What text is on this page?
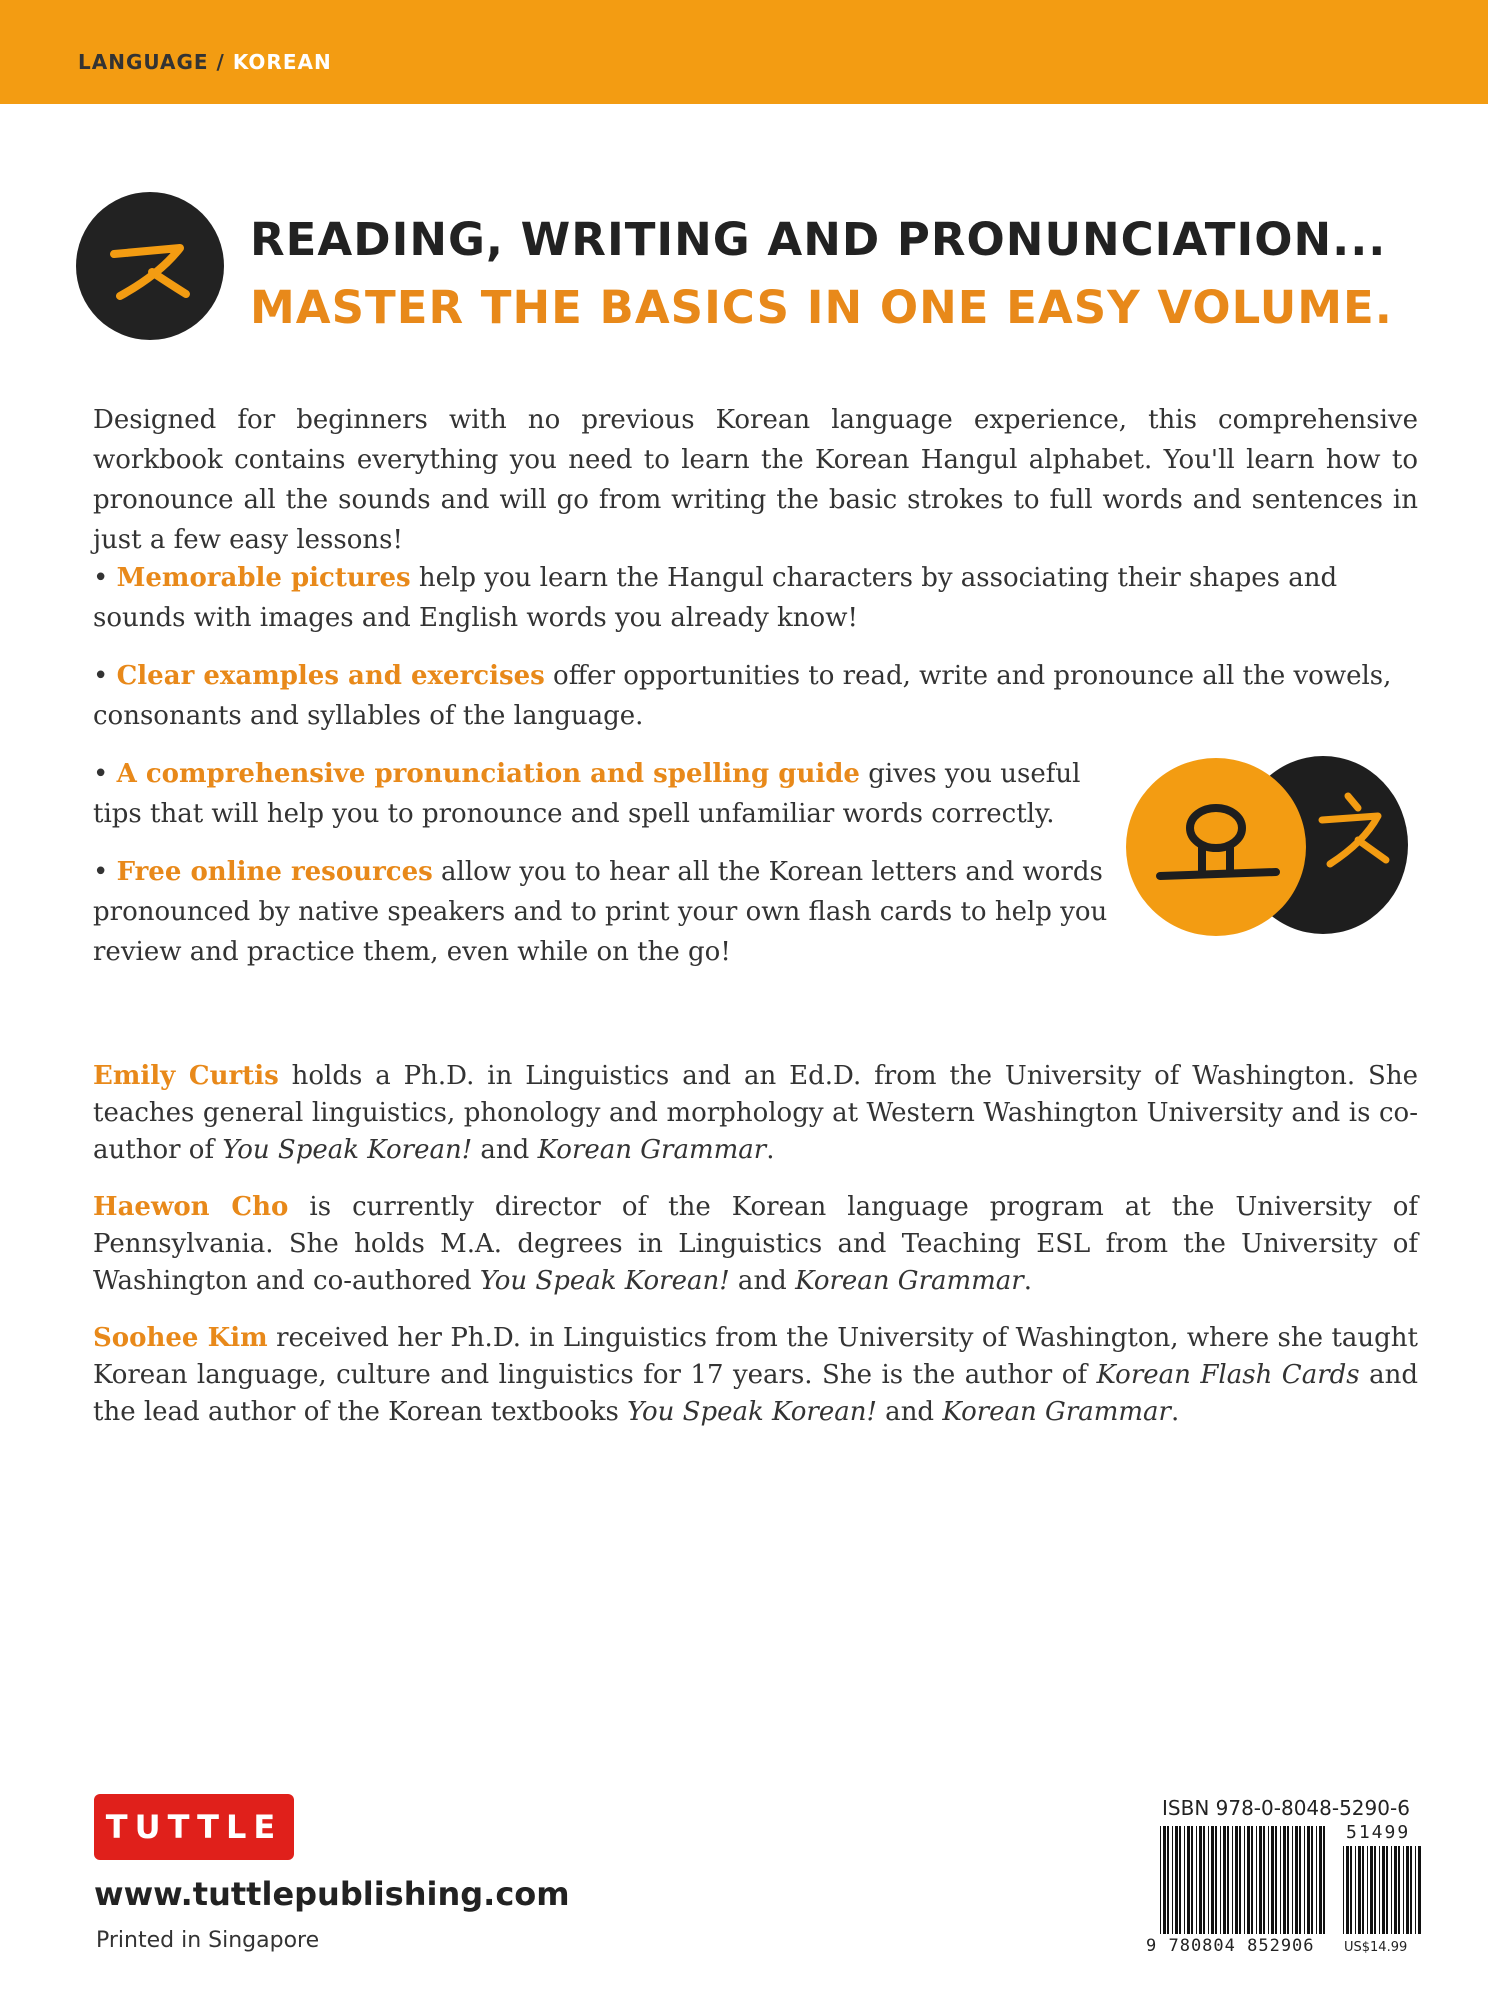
LANGUAGE / KOREAN
READING, WRITING AND PRONUNCIATION...
MASTER THE BASICS IN ONE EASY VOLUME.
Designed for beginners with no previous Korean language experience, this comprehensive workbook contains everything you need to learn the Korean Hangul alphabet. You'll learn how to pronounce all the sounds and will go from writing the basic strokes to full words and sentences in just a few easy lessons!
• Memorable pictures help you learn the Hangul characters by associating their shapes and sounds with images and English words you already know!
• Clear examples and exercises offer opportunities to read, write and pronounce all the vowels, consonants and syllables of the language.
• A comprehensive pronunciation and spelling guide gives you useful tips that will help you to pronounce and spell unfamiliar words correctly.
• Free online resources allow you to hear all the Korean letters and words pronounced by native speakers and to print your own flash cards to help you review and practice them, even while on the go!
Emily Curtis holds a Ph.D. in Linguistics and an Ed.D. from the University of Washington. She teaches general linguistics, phonology and morphology at Western Washington University and is co-author of You Speak Korean! and Korean Grammar.
Haewon Cho is currently director of the Korean language program at the University of Pennsylvania. She holds M.A. degrees in Linguistics and Teaching ESL from the University of Washington and co-authored You Speak Korean! and Korean Grammar.
Soohee Kim received her Ph.D. in Linguistics from the University of Washington, where she taught Korean language, culture and linguistics for 17 years. She is the author of Korean Flash Cards and the lead author of the Korean textbooks You Speak Korean! and Korean Grammar.
TUTTLE
www.tuttlepublishing.com
Printed in Singapore
ISBN 978-0-8048-5290-6
51499
9 780804 852906 US$14.99
